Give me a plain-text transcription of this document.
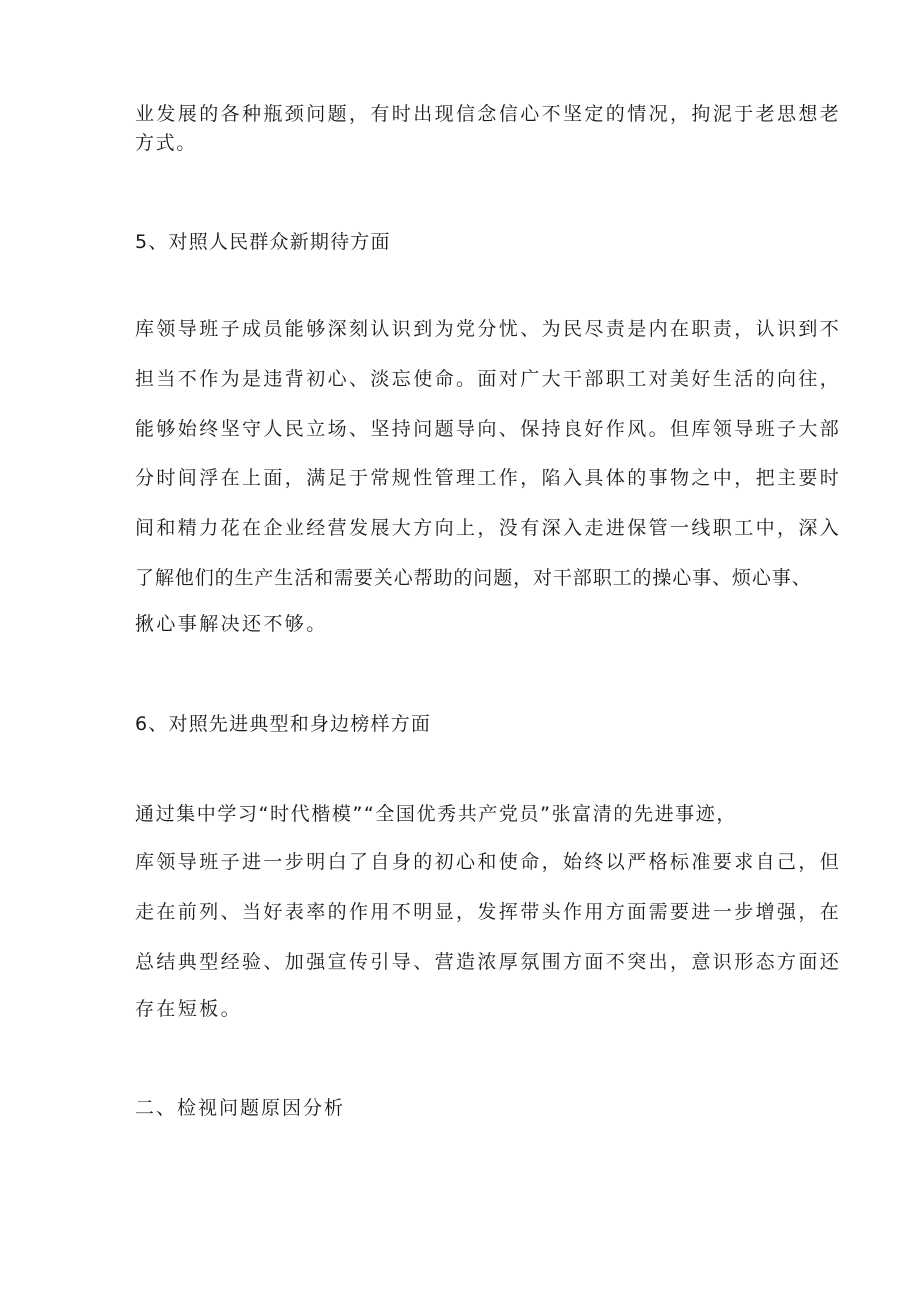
业发展的各种瓶颈问题，有时出现信念信心不坚定的情况，拘泥于老思想老
方式。
5、对照人民群众新期待方面
库领导班子成员能够深刻认识到为党分忧、为民尽责是内在职责，认识到不
担当不作为是违背初心、淡忘使命。面对广大干部职工对美好生活的向往，
能够始终坚守人民立场、坚持问题导向、保持良好作风。但库领导班子大部
分时间浮在上面，满足于常规性管理工作，陷入具体的事物之中，把主要时
间和精力花在企业经营发展大方向上，没有深入走进保管一线职工中，深入
了解他们的生产生活和需要关心帮助的问题，对干部职工的操心事、烦心事、
揪心事解决还不够。
6、对照先进典型和身边榜样方面
通过集中学习“时代楷模”“全国优秀共产党员”张富清的先进事迹，
库领导班子进一步明白了自身的初心和使命，始终以严格标准要求自己，但
走在前列、当好表率的作用不明显，发挥带头作用方面需要进一步增强，在
总结典型经验、加强宣传引导、营造浓厚氛围方面不突出，意识形态方面还
存在短板。
二、检视问题原因分析
